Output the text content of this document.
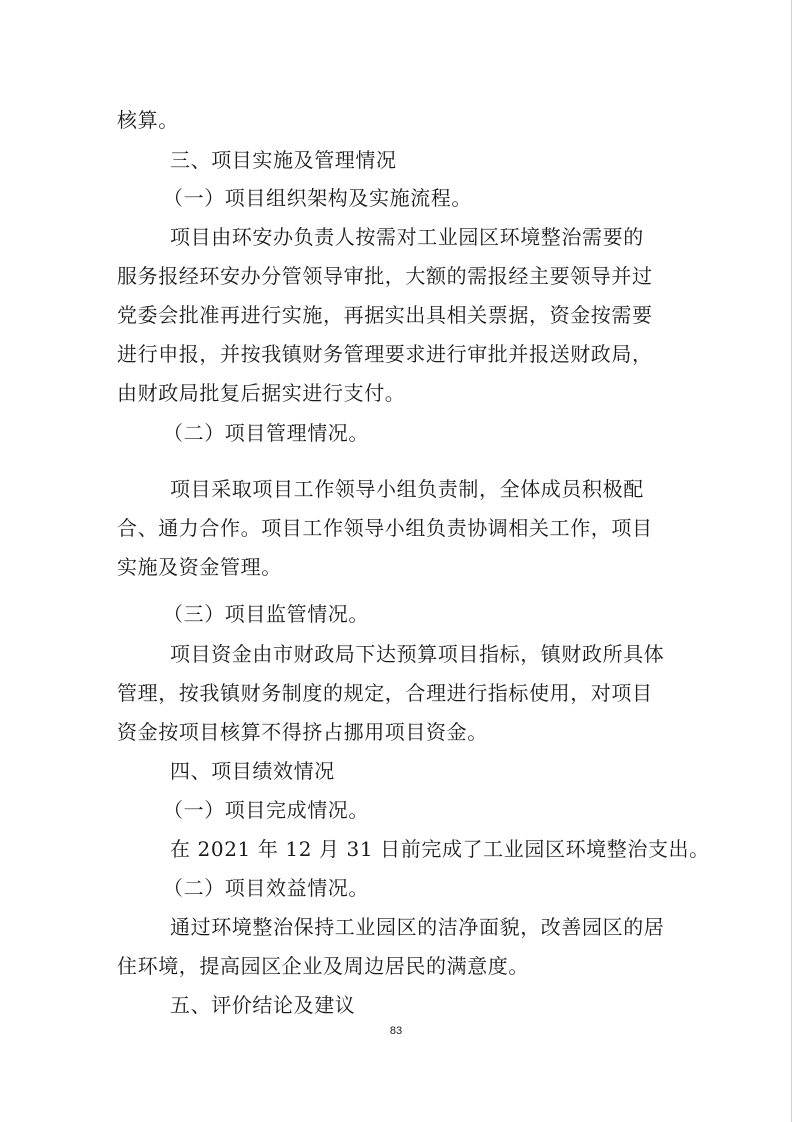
核算。
三、项目实施及管理情况
（一）项目组织架构及实施流程。
项目由环安办负责人按需对工业园区环境整治需要的
服务报经环安办分管领导审批，大额的需报经主要领导并过
党委会批准再进行实施，再据实出具相关票据，资金按需要
进行申报，并按我镇财务管理要求进行审批并报送财政局，
由财政局批复后据实进行支付。
（二）项目管理情况。
项目采取项目工作领导小组负责制，全体成员积极配
合、通力合作。项目工作领导小组负责协调相关工作，项目
实施及资金管理。
（三）项目监管情况。
项目资金由市财政局下达预算项目指标，镇财政所具体
管理，按我镇财务制度的规定，合理进行指标使用，对项目
资金按项目核算不得挤占挪用项目资金。
四、项目绩效情况
（一）项目完成情况。
在 2021 年 12 月 31 日前完成了工业园区环境整治支出。
（二）项目效益情况。
通过环境整治保持工业园区的洁净面貌，改善园区的居
住环境，提高园区企业及周边居民的满意度。
五、评价结论及建议
83
